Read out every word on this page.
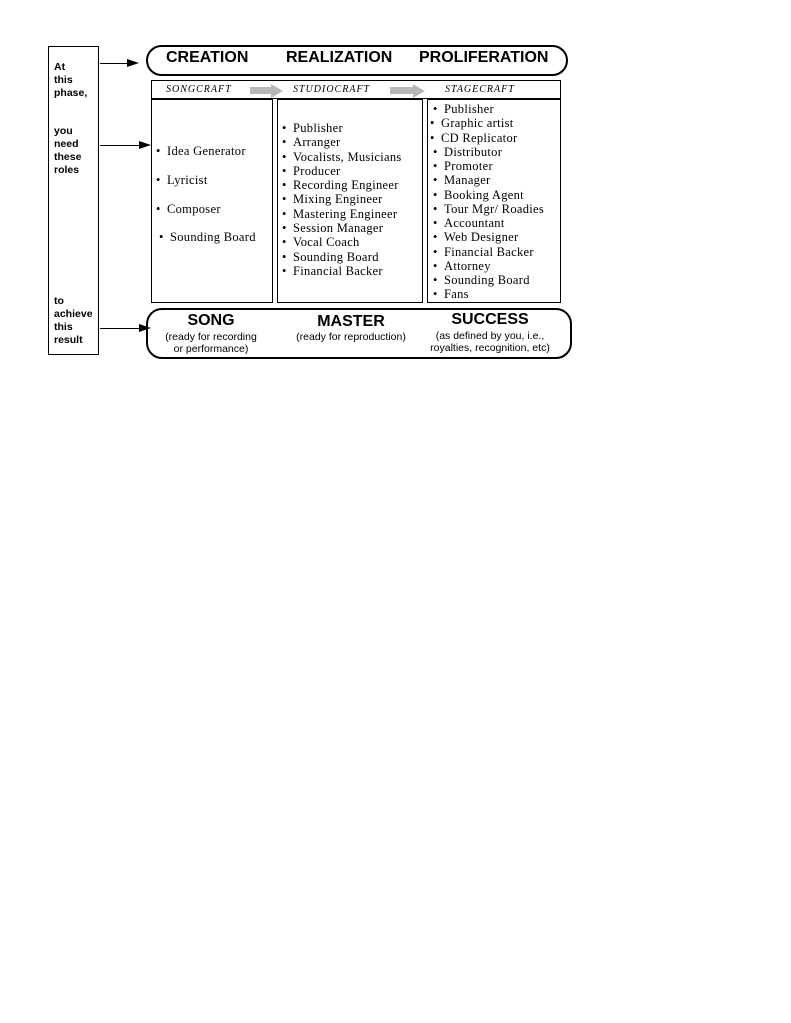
At
this
phase,
you
need
these
roles
to
achieve
this
result
CREATION REALIZATION PROLIFERATION
SONGCRAFT	STUDIOCRAFT	STAGECRAFT
• Idea Generator
• Lyricist
• Composer
• Sounding Board
• Publisher
• Arranger
• Vocalists, Musicians
• Producer
• Recording Engineer
• Mixing Engineer
• Mastering Engineer
• Session Manager
• Vocal Coach
• Sounding Board
• Financial Backer
• Publisher
• Graphic artist
• CD Replicator
• Distributor
• Promoter
• Manager
• Booking Agent
• Tour Mgr/ Roadies
• Accountant
• Web Designer
• Financial Backer
• Attorney
• Sounding Board
• Fans
SONG
(ready for recording
or performance)
MASTER
(ready for reproduction)
SUCCESS
(as defined by you, i.e.,
royalties, recognition, etc)
